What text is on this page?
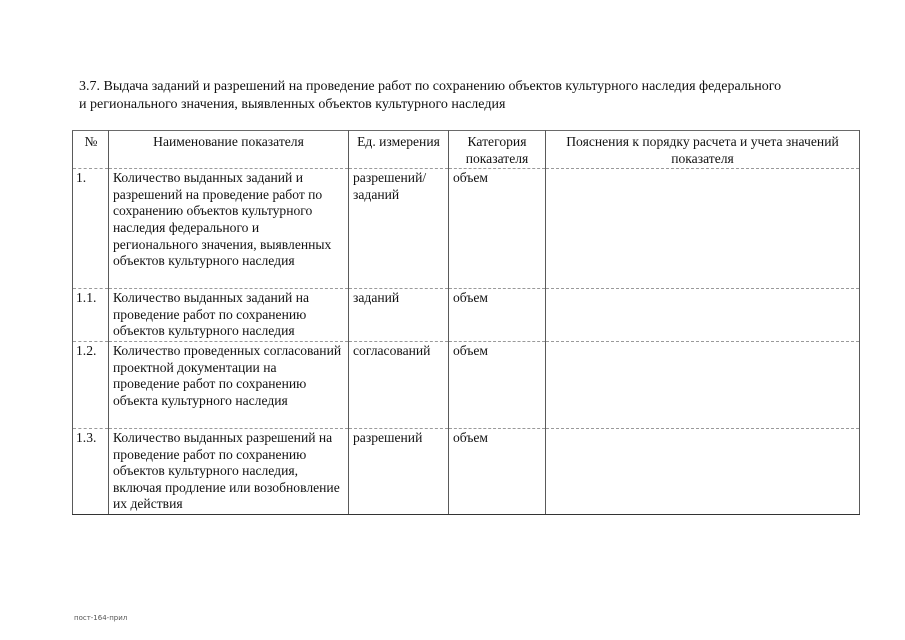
3.7. Выдача заданий и разрешений на проведение работ по сохранению объектов культурного наследия федерального
и регионального значения, выявленных объектов культурного наследия
№	Наименование показателя	Ед. измерения	Категория показателя	Пояснения к порядку расчета и учета значений показателя
1.	Количество выданных заданий и разрешений на проведение работ по сохранению объектов культурного наследия федерального и регионального значения, выявленных объектов культурного наследия	разрешений/ заданий	объем	
1.1.	Количество выданных заданий на проведение работ по сохранению объектов культурного наследия	заданий	объем	
1.2.	Количество проведенных согласований проектной документации на проведение работ по сохранению объекта культурного наследия	согласований	объем	
1.3.	Количество выданных разрешений на проведение работ по сохранению объектов культурного наследия, включая продление или возобновление их действия	разрешений	объем	
пост-164-прил
